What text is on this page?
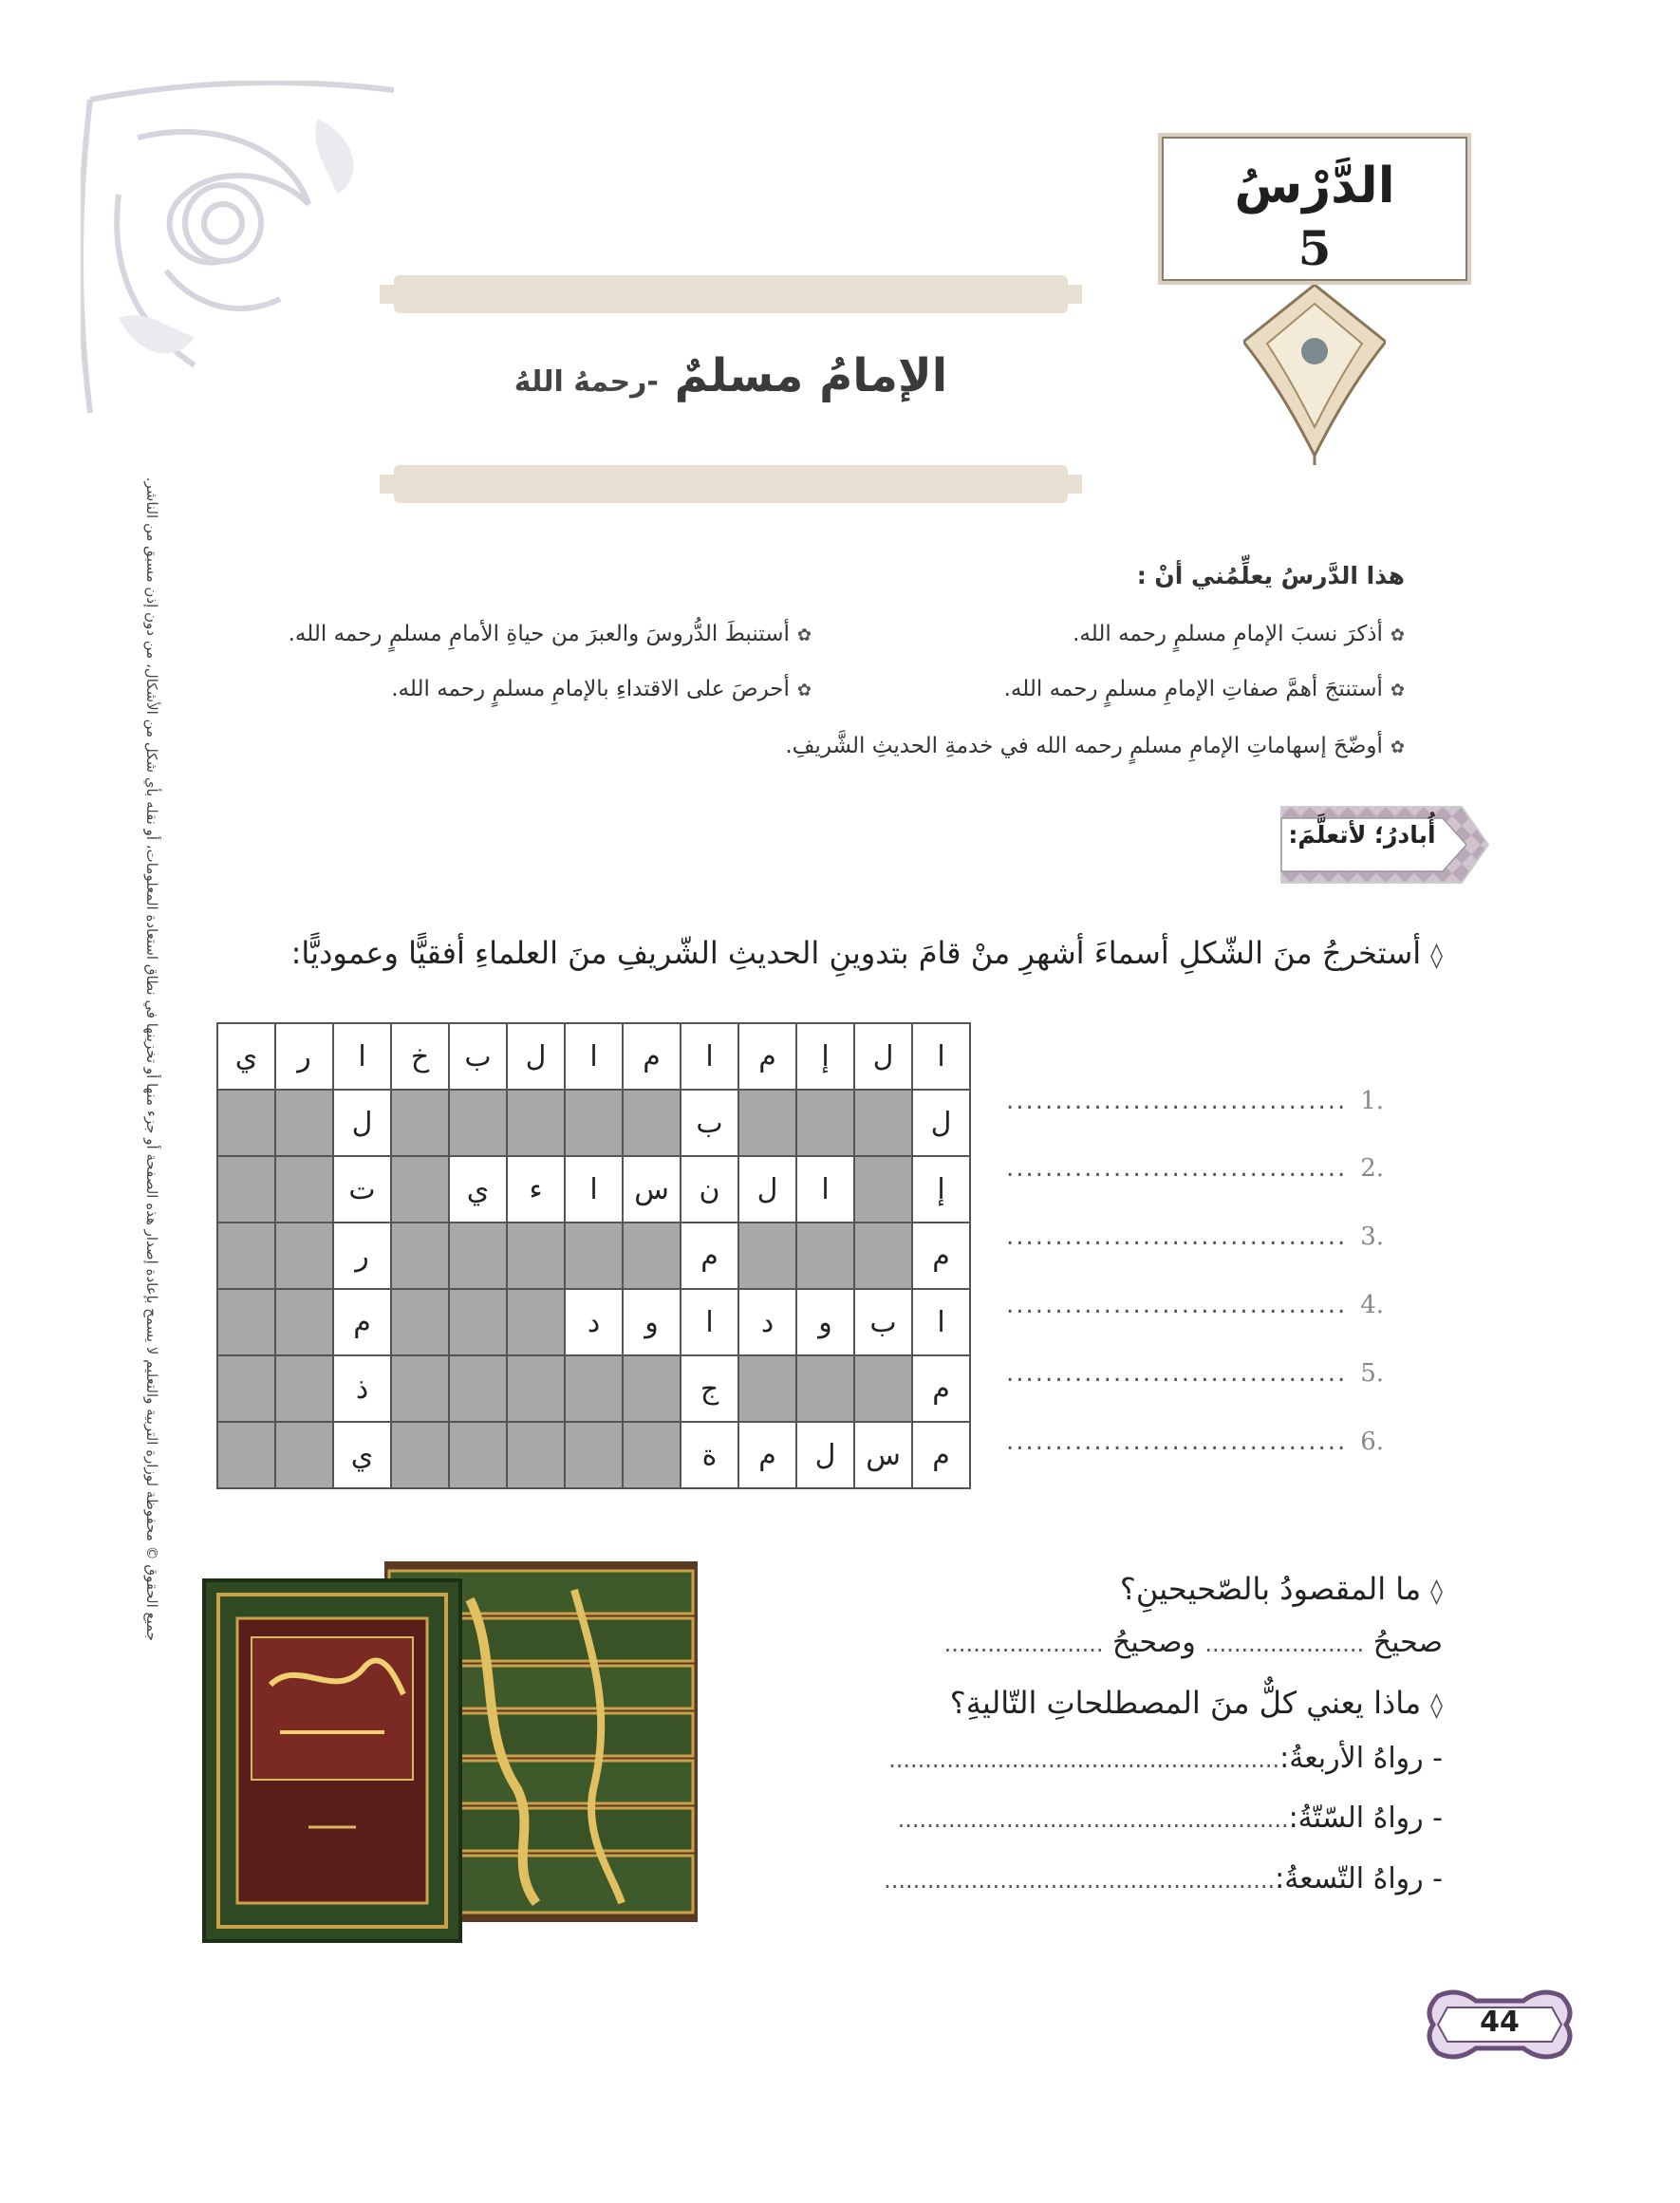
الدَّرْسُ
5
الإمامُ مسلمٌ -رحمهُ اللهُ
جميع الحقوق © محفوظة لوزارة التربية والتعليم لا يسمح بإعادة إصدار هذه الصفحة أو جزء منها أو تخزينها في نطاق استعادة المعلومات، أو نقله بأي شكل من الأشكال، من دون إذن مسبق من الناشر.	هذا الدَّرسُ يعلِّمُني أنْ :
✿أذكرَ نسبَ الإمامِ مسلمٍ رحمه الله.
✿أستنتجَ أهمَّ صفاتِ الإمامِ مسلمٍ رحمه الله.
✿أوضّحَ إسهاماتِ الإمامِ مسلمٍ رحمه الله في خدمةِ الحديثِ الشَّريفِ.
✿أستنبطَ الدُّروسَ والعبرَ من حياةِ الأمامِ مسلمٍ رحمه الله.
✿أحرصَ على الاقتداءِ بالإمامِ مسلمٍ رحمه الله.
أُبادرُ؛ لأتعلَّمَ:
◊أستخرجُ منَ الشّكلِ أسماءَ أشهرِ منْ قامَ بتدوينِ الحديثِ الشّريفِ منَ العلماءِ أفقيًّا وعموديًّا:
ا	ل	إ	م	ا	م	ا	ل	ب	خ	ا	ر	ي
ل				ب						ل		
إ		ا	ل	ن	س	ا	ء	ي		ت		
م				م						ر		
ا	ب	و	د	ا	و	د				م		
م				ج						ذ		
م	س	ل	م	ة						ي		
................................... 1.
................................... 2.
................................... 3.
................................... 4.
................................... 5.
................................... 6.
◊ما المقصودُ بالصّحيحينِ؟
صحيحُ ...................... وصحيحُ ......................
◊ماذا يعني كلٌّ منَ المصطلحاتِ التّاليةِ؟
- رواهُ الأربعةُ:......................................................
- رواهُ السّتّةُ:......................................................
- رواهُ التّسعةُ:......................................................
44
